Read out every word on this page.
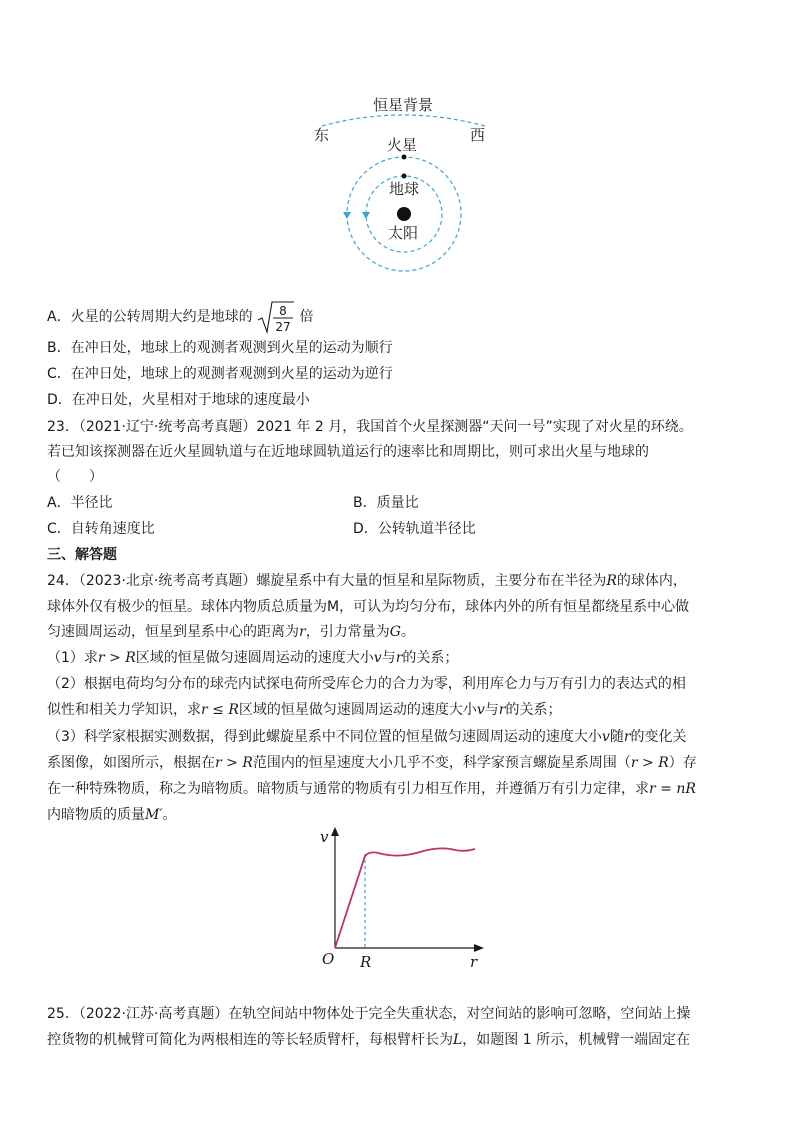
恒星背景
东	西
火星
地球
太阳
A．火星的公转周期大约是地球的 8
27
倍
B．在冲日处，地球上的观测者观测到火星的运动为顺行
C．在冲日处，地球上的观测者观测到火星的运动为逆行
D．在冲日处，火星相对于地球的速度最小
23．（2021·辽宁·统考高考真题）2021 年 2 月，我国首个火星探测器“天问一号”实现了对火星的环绕。
若已知该探测器在近火星圆轨道与在近地球圆轨道运行的速率比和周期比，则可求出火星与地球的
（　　）
A．半径比	B．质量比
C．自转角速度比	D．公转轨道半径比
三、解答题
24．（2023·北京·统考高考真题）螺旋星系中有大量的恒星和星际物质，主要分布在半径为R的球体内，
球体外仅有极少的恒星。球体内物质总质量为M，可认为均匀分布，球体内外的所有恒星都绕星系中心做
匀速圆周运动，恒星到星系中心的距离为r，引力常量为G。
（1）求r > R区域的恒星做匀速圆周运动的速度大小v与r的关系；
（2）根据电荷均匀分布的球壳内试探电荷所受库仑力的合力为零，利用库仑力与万有引力的表达式的相
似性和相关力学知识，求r ≤ R区域的恒星做匀速圆周运动的速度大小v与r的关系；
（3）科学家根据实测数据，得到此螺旋星系中不同位置的恒星做匀速圆周运动的速度大小v随r的变化关
系图像，如图所示，根据在r > R范围内的恒星速度大小几乎不变，科学家预言螺旋星系周围（r > R）存
在一种特殊物质，称之为暗物质。暗物质与通常的物质有引力相互作用，并遵循万有引力定律，求r = nR
内暗物质的质量M′。
v
r
O R
25．（2022·江苏·高考真题）在轨空间站中物体处于完全失重状态，对空间站的影响可忽略，空间站上操
控货物的机械臂可简化为两根相连的等长轻质臂杆，每根臂杆长为L，如题图 1 所示，机械臂一端固定在
